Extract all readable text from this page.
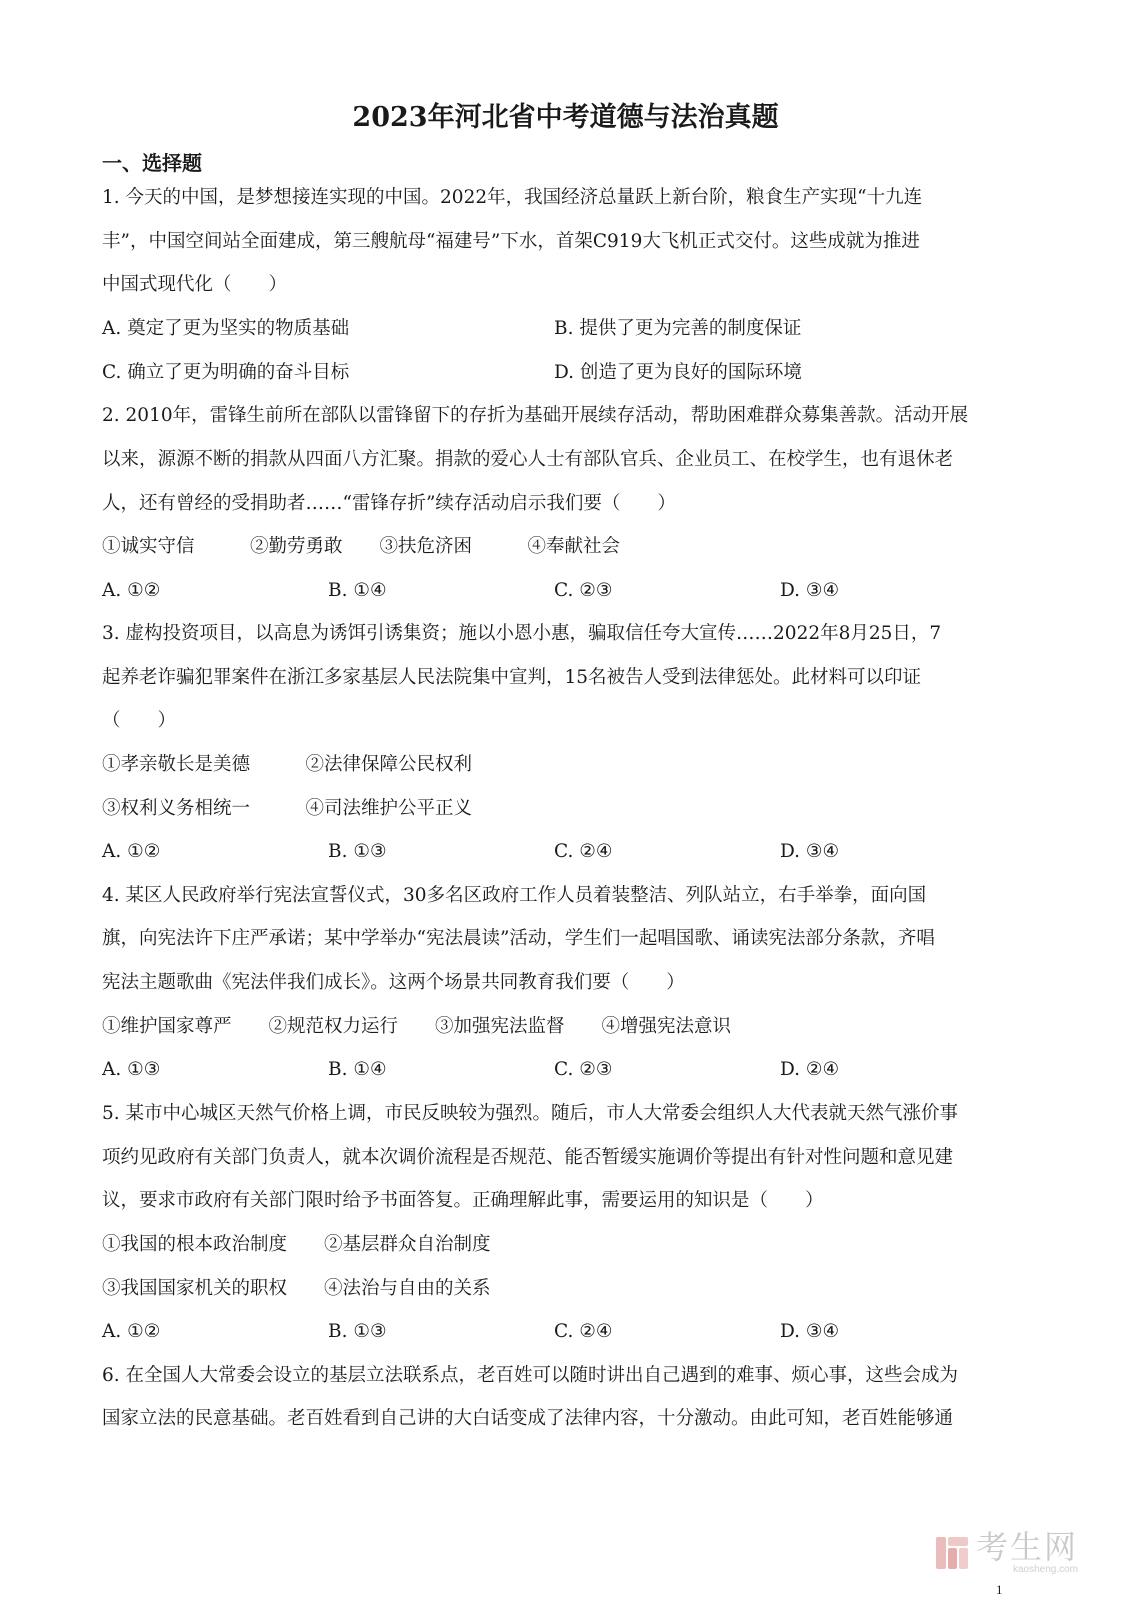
2023年河北省中考道德与法治真题
一、选择题
1. 今天的中国，是梦想接连实现的中国。2022年，我国经济总量跃上新台阶，粮食生产实现“十九连
丰”，中国空间站全面建成，第三艘航母“福建号”下水，首架C919大飞机正式交付。这些成就为推进
中国式现代化（　　）
A. 奠定了更为坚实的物质基础	B. 提供了更为完善的制度保证
C. 确立了更为明确的奋斗目标	D. 创造了更为良好的国际环境
2. 2010年，雷锋生前所在部队以雷锋留下的存折为基础开展续存活动，帮助困难群众募集善款。活动开展
以来，源源不断的捐款从四面八方汇聚。捐款的爱心人士有部队官兵、企业员工、在校学生，也有退休老
人，还有曾经的受捐助者……“雷锋存折”续存活动启示我们要（　　）
①诚实守信　　　②勤劳勇敢　　③扶危济困　　　④奉献社会
A. ①②	B. ①④	C. ②③	D. ③④
3. 虚构投资项目，以高息为诱饵引诱集资；施以小恩小惠，骗取信任夸大宣传……2022年8月25日，7
起养老诈骗犯罪案件在浙江多家基层人民法院集中宣判，15名被告人受到法律惩处。此材料可以印证
（　　）
①孝亲敬长是美德　　　②法律保障公民权利
③权利义务相统一　　　④司法维护公平正义
A. ①②	B. ①③	C. ②④	D. ③④
4. 某区人民政府举行宪法宣誓仪式，30多名区政府工作人员着装整洁、列队站立，右手举拳，面向国
旗，向宪法许下庄严承诺；某中学举办“宪法晨读”活动，学生们一起唱国歌、诵读宪法部分条款，齐唱
宪法主题歌曲《宪法伴我们成长》。这两个场景共同教育我们要（　　）
①维护国家尊严　　②规范权力运行　　③加强宪法监督　　④增强宪法意识
A. ①③	B. ①④	C. ②③	D. ②④
5. 某市中心城区天然气价格上调，市民反映较为强烈。随后，市人大常委会组织人大代表就天然气涨价事
项约见政府有关部门负责人，就本次调价流程是否规范、能否暂缓实施调价等提出有针对性问题和意见建
议，要求市政府有关部门限时给予书面答复。正确理解此事，需要运用的知识是（　　）
①我国的根本政治制度　　②基层群众自治制度
③我国国家机关的职权　　④法治与自由的关系
A. ①②	B. ①③	C. ②④	D. ③④
6. 在全国人大常委会设立的基层立法联系点，老百姓可以随时讲出自己遇到的难事、烦心事，这些会成为
国家立法的民意基础。老百姓看到自己讲的大白话变成了法律内容，十分激动。由此可知，老百姓能够通
考生网
kaosheng.com
1
